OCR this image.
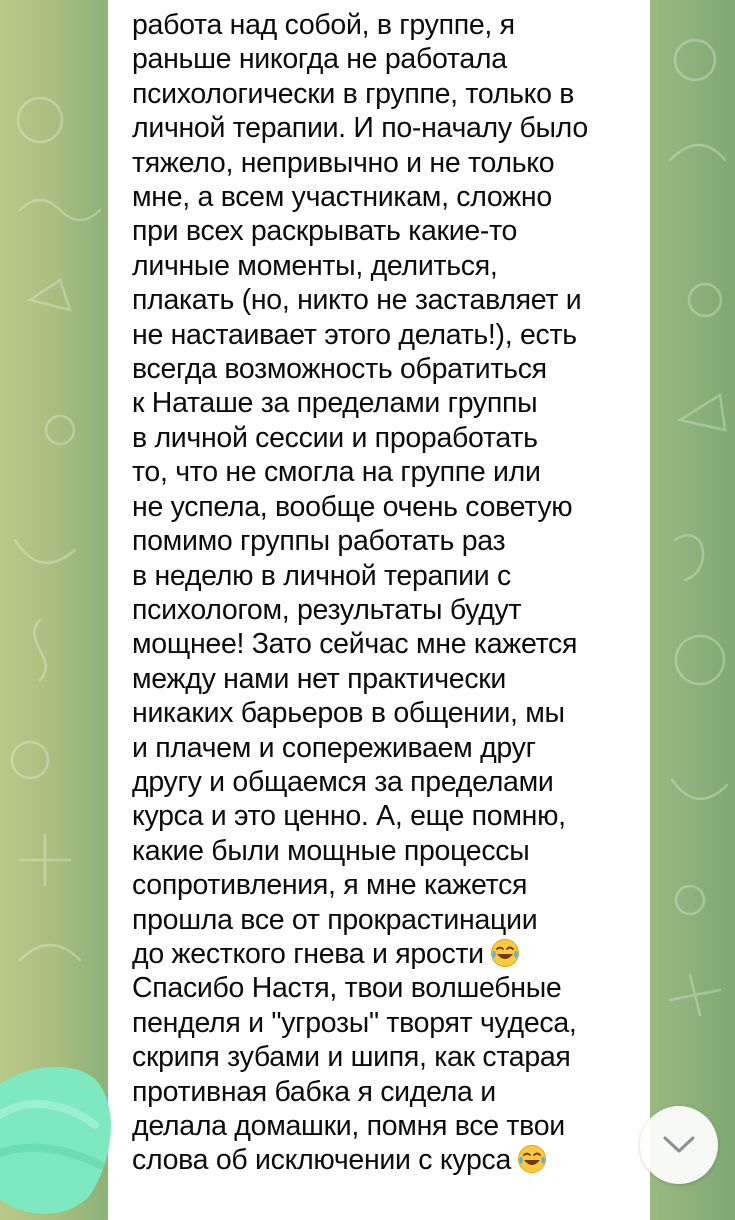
работа над собой, в группе, я
раньше никогда не работала
психологически в группе, только в
личной терапии. И по-началу было
тяжело, непривычно и не только
мне, а всем участникам, сложно
при всех раскрывать какие-то
личные моменты, делиться,
плакать (но, никто не заставляет и
не настаивает этого делать!), есть
всегда возможность обратиться
к Наташе за пределами группы
в личной сессии и проработать
то, что не смогла на группе или
не успела, вообще очень советую
помимо группы работать раз
в неделю в личной терапии с
психологом, результаты будут
мощнее! Зато сейчас мне кажется
между нами нет практически
никаких барьеров в общении, мы
и плачем и сопереживаем друг
другу и общаемся за пределами
курса и это ценно. А, еще помню,
какие были мощные процессы
сопротивления, я мне кажется
прошла все от прокрастинации
до жесткого гнева и ярости
Спасибо Настя, твои волшебные
пенделя и "угрозы" творят чудеса,
скрипя зубами и шипя, как старая
противная бабка я сидела и
делала домашки, помня все твои
слова об исключении с курса
